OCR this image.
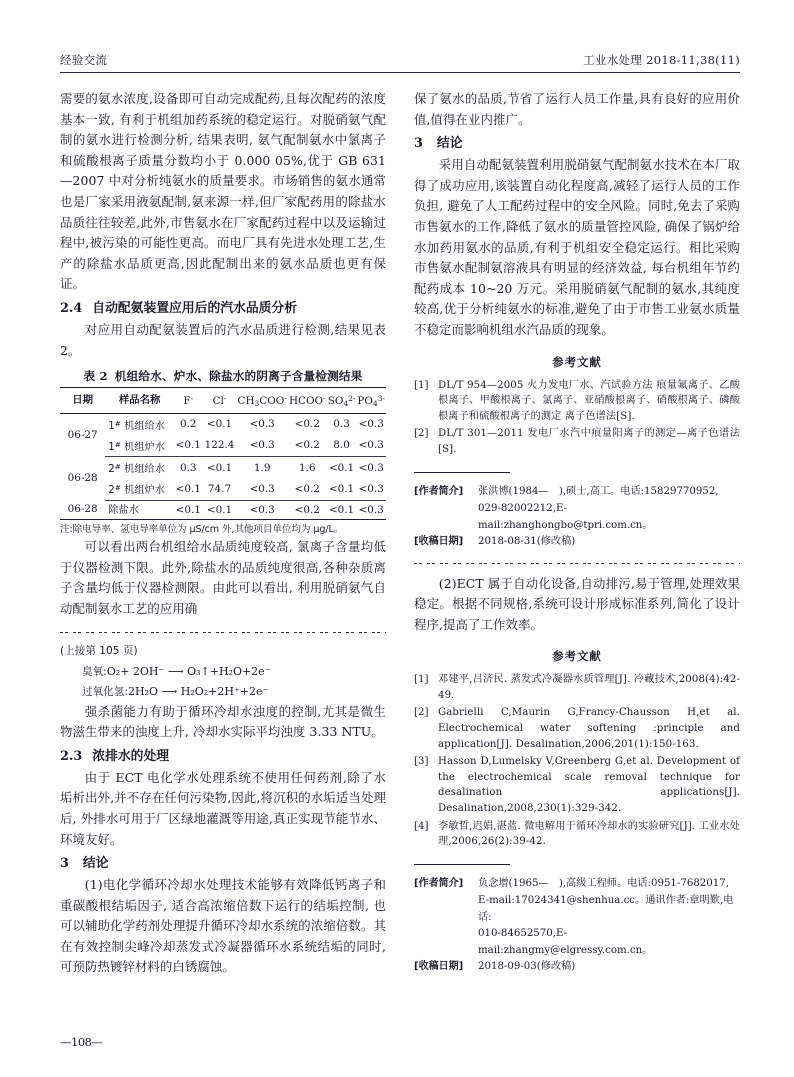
经验交流	工业水处理 2018-11,38(11)

需要的氨水浓度,设备即可自动完成配药,且每次配药的浓度基本一致, 有利于机组加药系统的稳定运行。对脱硝氨气配制的氨水进行检测分析, 结果表明, 氨气配制氨水中氯离子和硫酸根离子质量分数均小于 0.000 05%,优于 GB 631—2007 中对分析纯氨水的质量要求。市场销售的氨水通常也是厂家采用液氨配制,氨来源一样,但厂家配药用的除盐水品质往往较差,此外,市售氨水在厂家配药过程中以及运输过程中,被污染的可能性更高。而电厂具有先进水处理工艺,生产的除盐水品质更高,因此配制出来的氨水品质也更有保证。

2.4 自动配氨装置应用后的汽水品质分析

对应用自动配氨装置后的汽水品质进行检测,结果见表 2。

表 2 机组给水、炉水、除盐水的阴离子含量检测结果
日期	样品名称	F-	Cl-	$CH_3COO^-$	HCOO-	$SO_4^{2-}$	$PO_4^{3-}$
06-27	1# 机组给水	0.2	<0.1	<0.3	<0.2	0.3	<0.3
	1# 机组炉水	<0.1	122.4	<0.3	<0.2	8.0	<0.3
06-28	2# 机组给水	0.3	<0.1	1.9	1.6	<0.1	<0.3
	2# 机组炉水	<0.1	74.7	<0.3	<0.2	<0.1	<0.3
06-28	除盐水	<0.1	<0.1	<0.3	<0.2	<0.1	<0.3
注:除电导率、氢电导率单位为 μS/cm 外,其他项目单位均为 μg/L。

可以看出两台机组给水品质纯度较高, 氯离子含量均低于仪器检测下限。此外,除盐水的品质纯度很高,各种杂质离子含量均低于仪器检测限。由此可以看出, 利用脱硝氨气自动配制氨水工艺的应用确

(上接第 105 页)
臭氧:O₂+ 2OH⁻ ⟶ O₃↑+H₂O+2e⁻
过氧化氢:2H₂O ⟶ H₂O₂+2H⁺+2e⁻

强杀菌能力有助于循环冷却水浊度的控制,尤其是微生物滋生带来的浊度上升, 冷却水实际平均浊度 3.33 NTU。

2.3 浓排水的处理

由于 ECT 电化学水处理系统不使用任何药剂,除了水垢析出外,并不存在任何污染物,因此,将沉积的水垢适当处理后, 外排水可用于厂区绿地灌溉等用途,真正实现节能节水、环境友好。

3 结论

(1)电化学循环冷却水处理技术能够有效降低钙离子和重碳酸根结垢因子, 适合高浓缩倍数下运行的结垢控制, 也可以辅助化学药剂处理提升循环冷却水系统的浓缩倍数。其在有效控制尖峰冷却蒸发式冷凝器循环水系统结垢的同时, 可预防热镀锌材料的白锈腐蚀。

保了氨水的品质,节省了运行人员工作量,具有良好的应用价值,值得在业内推广。

3 结论

采用自动配氨装置利用脱硝氨气配制氨水技术在本厂取得了成功应用,该装置自动化程度高,减轻了运行人员的工作负担, 避免了人工配药过程中的安全风险。同时,免去了采购市售氨水的工作,降低了氨水的质量管控风险, 确保了锅炉给水加药用氨水的品质,有利于机组安全稳定运行。相比采购市售氨水配制氨溶液具有明显的经济效益, 每台机组年节约配药成本 10~20 万元。采用脱硝氨气配制的氨水,其纯度较高,优于分析纯氨水的标准,避免了由于市售工业氨水质量不稳定而影响机组水汽品质的现象。

参考文献
[1] DL/T 954—2005 火力发电厂水、汽试验方法 痕量氟离子、乙酸根离子、甲酸根离子、氯离子、亚硝酸根离子、硝酸根离子、磷酸根离子和硫酸根离子的测定 离子色谱法[S].
[2] DL/T 301—2011 发电厂水汽中痕量阳离子的测定—离子色谱法[S].
[作者简介]	张洪博(1984—　),硕士,高工。电话:15829770952,
029-82002212,E-mail:zhanghongbo@tpri.com.cn。
[收稿日期]	2018-08-31(修改稿)

(2)ECT 属于自动化设备,自动排污,易于管理,处理效果稳定。根据不同规格,系统可设计形成标准系列,简化了设计程序,提高了工作效率。

参考文献
[1] 邓建平,吕济民. 蒸发式冷凝器水质管理[J]. 冷藏技术,2008(4):42-49.
[2] Gabrielli C,Maurin G,Francy-Chausson H,et al. Electrochemical water softening :principle and application[J]. Desalination,2006,201(1):150-163.
[3] Hasson D,Lumelsky V,Greenberg G,et al. Development of the electrochemical scale removal technique for desalination applications[J]. Desalination,2008,230(1):329-342.
[4] 李敏哲,迟娟,湛蓝. 微电解用于循环冷却水的实验研究[J]. 工业水处理,2006,26(2):39-42.
[作者简介]	负念增(1965—　),高级工程师。电话:0951-7682017,
E-mail:17024341@shenhua.cc。通讯作者:章明歎,电话:
010-84652570,E-mail:zhangmy@elgressy.com.cn。
[收稿日期]	2018-09-03(修改稿)
—108—
